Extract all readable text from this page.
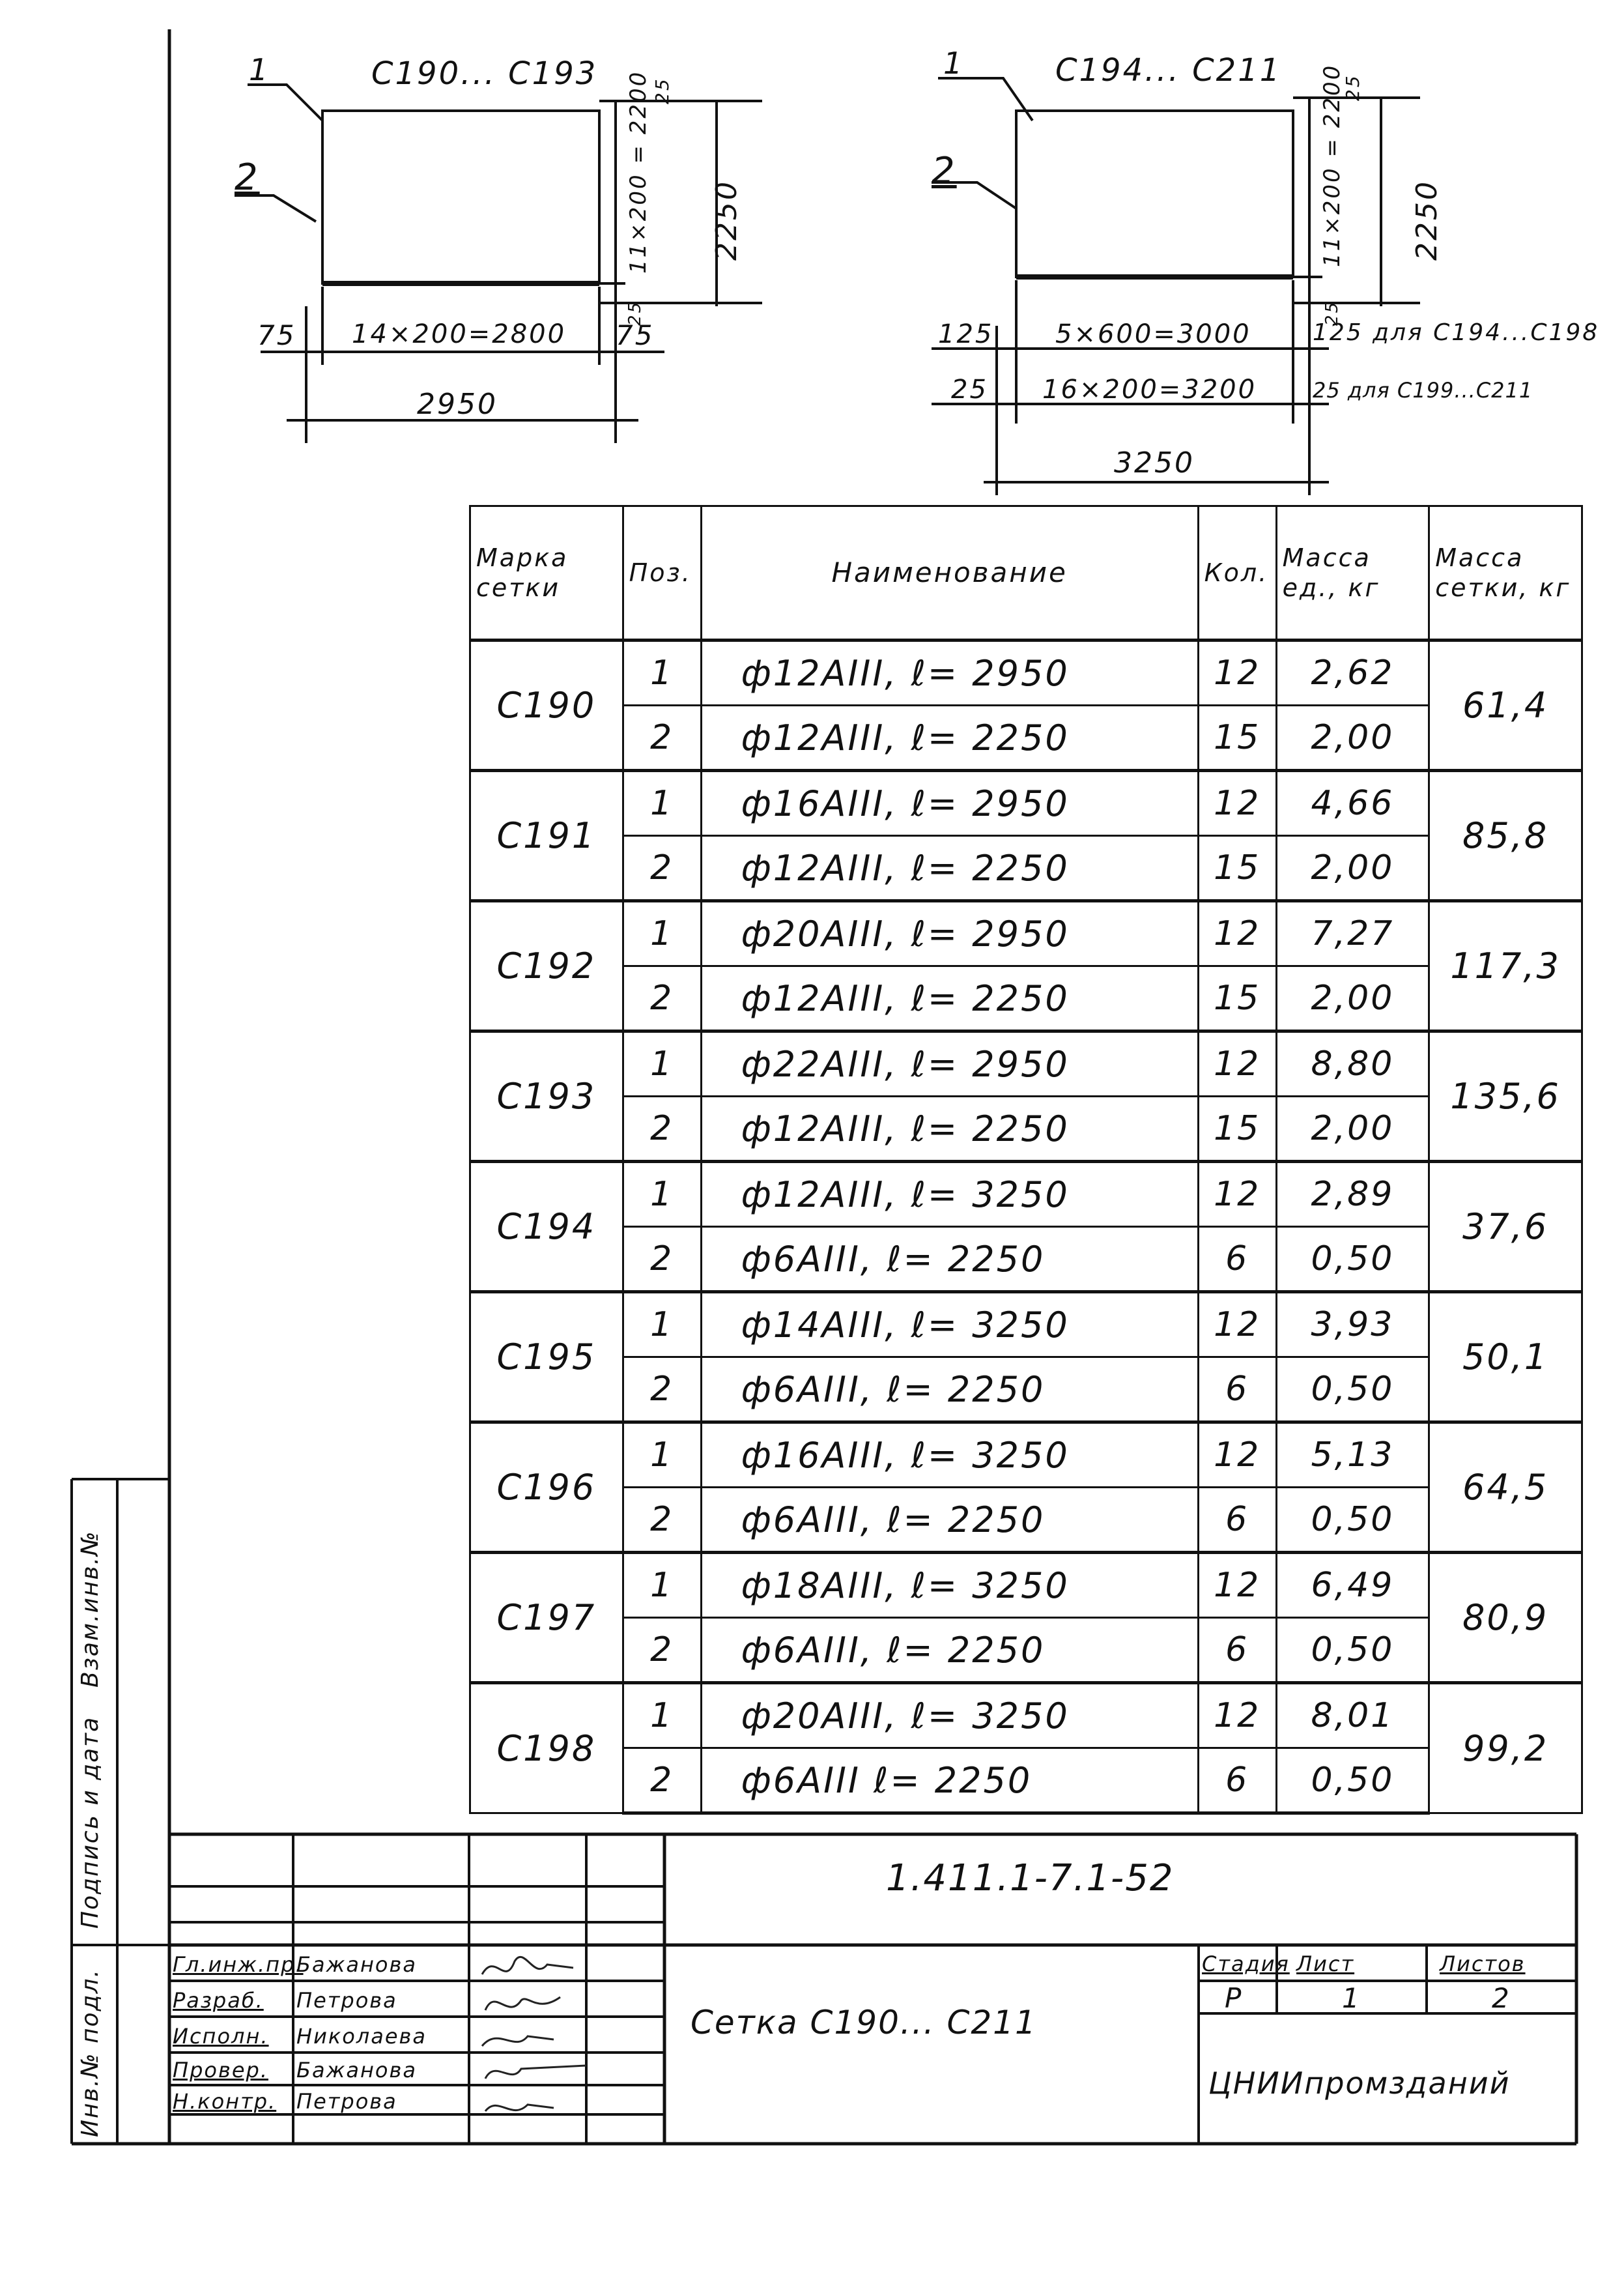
С190... С193
1
2
25
11×200 = 2200 2250
25
75 14×200=2800 75
2950
С194... С211
1
2
25
11×200 = 2200 2250
25
125 5×600=3000	125 для С194...С198
25 16×200=3200	25 для С199...С211
3250
Марка сетки	Поз.	Наименование	Кол.	Масса ед., кг	Масса сетки, кг
С190	1	ф12АIII, ℓ= 2950	12	2,62	61,4
	2	ф12АIII, ℓ= 2250	15	2,00	
С191	1	ф16АIII, ℓ= 2950	12	4,66	85,8
	2	ф12АIII, ℓ= 2250	15	2,00	
С192	1	ф20АIII, ℓ= 2950	12	7,27	117,3
	2	ф12АIII, ℓ= 2250	15	2,00	
С193	1	ф22АIII, ℓ= 2950	12	8,80	135,6
	2	ф12АIII, ℓ= 2250	15	2,00	
С194	1	ф12АIII, ℓ= 3250	12	2,89	37,6
	2	ф6АIII, ℓ= 2250	6	0,50	
С195	1	ф14АIII, ℓ= 3250	12	3,93	50,1
	2	ф6АIII, ℓ= 2250	6	0,50	
С196	1	ф16АIII, ℓ= 3250	12	5,13	64,5
	2	ф6АIII, ℓ= 2250	6	0,50	
С197	1	ф18АIII, ℓ= 3250	12	6,49	80,9
	2	ф6АIII, ℓ= 2250	6	0,50	
С198	1	ф20АIII, ℓ= 3250	12	8,01	99,2
	2	ф6АIII ℓ= 2250	6	0,50	
1.411.1-7.1-52
Гл.инж.пр.
Бажанова
Разраб. Петрова
Исполн. Николаева
Провер. Бажанова
Н.контр. Петрова
Сетка С190... С211
Стадия Лист	Листов
Р	1	2
ЦНИИпромзданий
Инв.№ подл.
Подпись и дата
Взам.инв.№
